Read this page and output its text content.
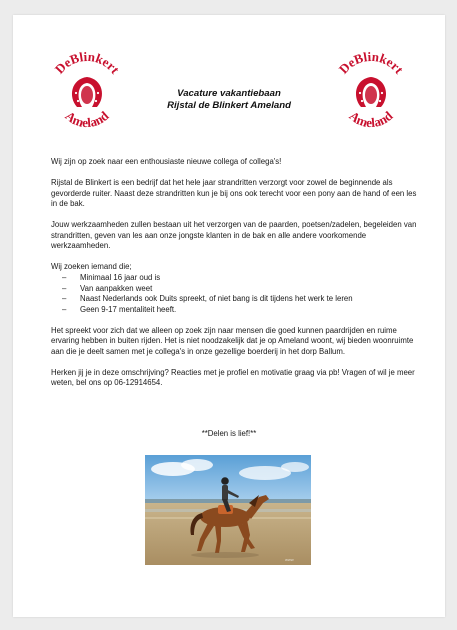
DeBlinkert
Ameland
Vacature vakantiebaan
Rijstal de Blinkert Ameland
DeBlinkert
Ameland

Wij zijn op zoek naar een enthousiaste nieuwe collega of collega's!

Rijstal de Blinkert is een bedrijf dat het hele jaar strandritten verzorgt voor zowel de beginnende als gevorderde ruiter. Naast deze strandritten kun je bij ons ook terecht voor een pony aan de hand of een les in de bak.

Jouw werkzaamheden zullen bestaan uit het verzorgen van de paarden, poetsen/zadelen, begeleiden van strandritten, geven van les aan onze jongste klanten in de bak en alle andere voorkomende werkzaamheden.

Wij zoeken iemand die;

– Minimaal 16 jaar oud is
– Van aanpakken weet
– Naast Nederlands ook Duits spreekt, of niet bang is dit tijdens het werk te leren
– Geen 9-17 mentaliteit heeft.

Het spreekt voor zich dat we alleen op zoek zijn naar mensen die goed kunnen paardrijden en ruime ervaring hebben in buiten rijden. Het is niet noodzakelijk dat je op Ameland woont, wij bieden woonruimte aan die je deelt samen met je collega's in onze gezellige boerderij in het dorp Ballum.

Herken jij je in deze omschrijving? Reacties met je profiel en motivatie graag via pb! Vragen of wil je meer weten, bel ons op 06-12914654.

**Delen is lief!**
www
